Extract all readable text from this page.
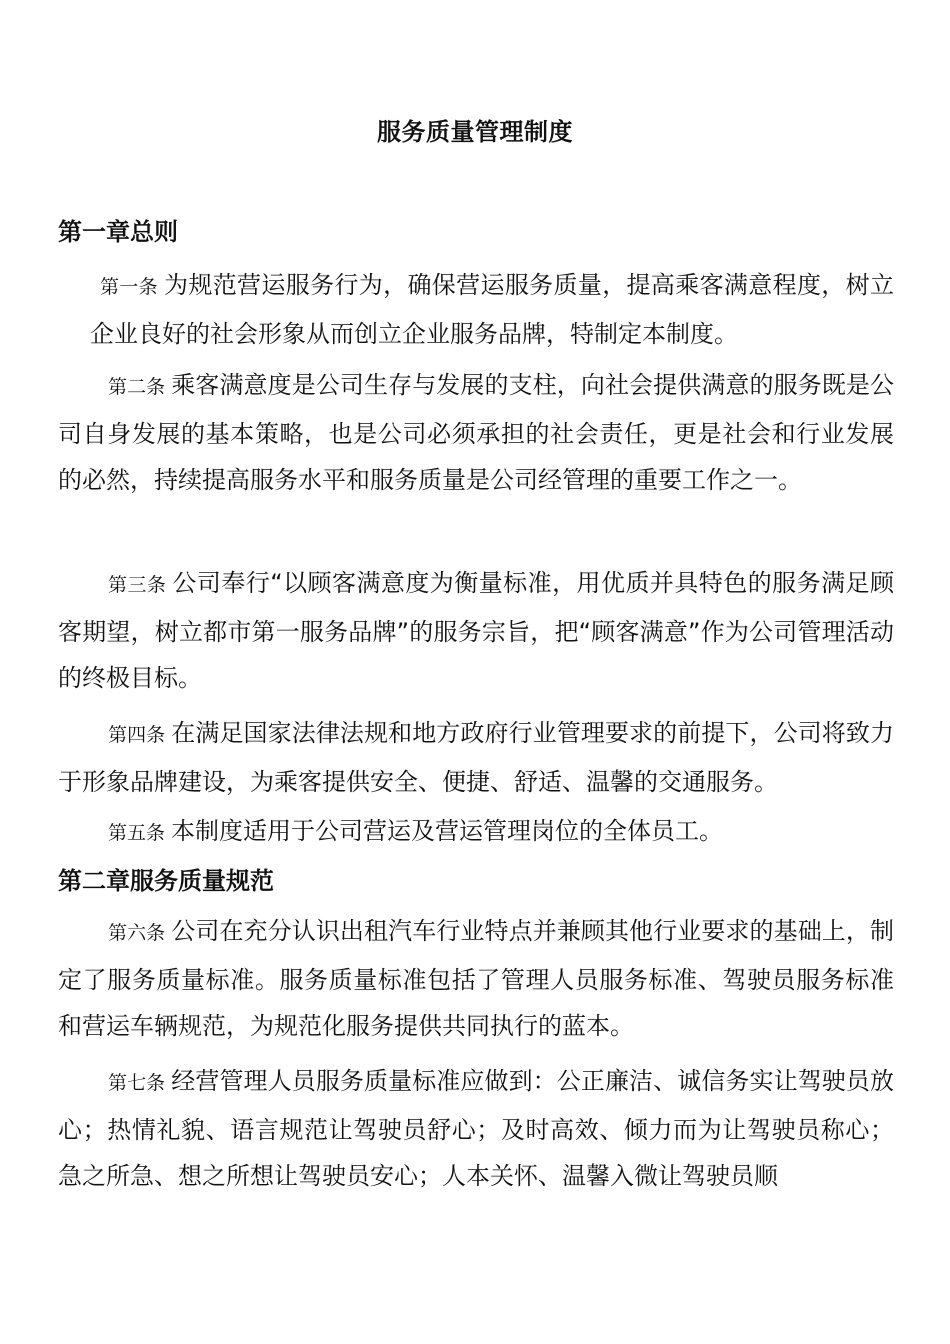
服务质量管理制度
第一章总则
第一条 为规范营运服务行为，确保营运服务质量，提高乘客满意程度，树立企业良好的社会形象从而创立企业服务品牌，特制定本制度。
第二条 乘客满意度是公司生存与发展的支柱，向社会提供满意的服务既是公司自身发展的基本策略，也是公司必须承担的社会责任，更是社会和行业发展的必然，持续提高服务水平和服务质量是公司经管理的重要工作之一。
第三条 公司奉行“以顾客满意度为衡量标准，用优质并具特色的服务满足顾客期望，树立都市第一服务品牌”的服务宗旨，把“顾客满意”作为公司管理活动的终极目标。
第四条 在满足国家法律法规和地方政府行业管理要求的前提下，公司将致力于形象品牌建设，为乘客提供安全、便捷、舒适、温馨的交通服务。
第五条 本制度适用于公司营运及营运管理岗位的全体员工。
第二章服务质量规范
第六条 公司在充分认识出租汽车行业特点并兼顾其他行业要求的基础上，制定了服务质量标准。服务质量标准包括了管理人员服务标准、驾驶员服务标准和营运车辆规范，为规范化服务提供共同执行的蓝本。
第七条 经营管理人员服务质量标准应做到：公正廉洁、诚信务实让驾驶员放心；热情礼貌、语言规范让驾驶员舒心；及时高效、倾力而为让驾驶员称心；急之所急、想之所想让驾驶员安心；人本关怀、温馨入微让驾驶员顺
